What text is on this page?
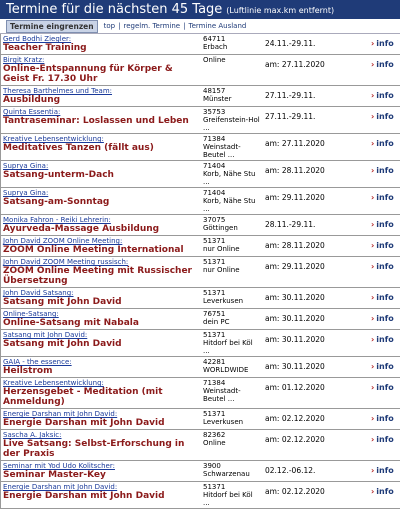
Termine für die nächsten 45 Tage (Luftlinie max.km entfernt)
Termine eingrenzen	top | regelm. Termine | Termine Ausland
Gerd Bodhi Ziegler:
Teacher Training	64711
Erbach	24.11.-29.11.	› info

Birgit Kratz:
Online-Entspannung für Körper & Geist Fr. 17.30 Uhr	Online	am: 27.11.2020	› info

Theresa Barthelmes und Team:
Ausbildung	48157
Münster	27.11.-29.11.	› info

Quinta Essentia:
Tantraseminar: Loslassen und Leben	35753
Greifenstein-Hol ...	27.11.-29.11.	› info

Kreative Lebensentwicklung:
Meditatives Tanzen (fällt aus)	71384
Weinstadt-Beutel ...	am: 27.11.2020	› info

Suprya Gina:
Satsang-unterm-Dach	71404
Korb, Nähe Stu ...	am: 28.11.2020	› info

Suprya Gina:
Satsang-am-Sonntag	71404
Korb, Nähe Stu ...	am: 29.11.2020	› info

Monika Fahron - Reiki Lehrerin:
Ayurveda-Massage Ausbildung	37075
Göttingen	28.11.-29.11.	› info

John David ZOOM Online Meeting:
ZOOM Online Meeting International	51371
nur Online	am: 28.11.2020	› info

John David ZOOM Meeting russisch:
ZOOM Online Meeting mit Russischer Übersetzung	51371
nur Online	am: 29.11.2020	› info

John David Satsang:
Satsang mit John David	51371
Leverkusen	am: 30.11.2020	› info

Online-Satsang:
Online-Satsang mit Nabala	76751
dein PC	am: 30.11.2020	› info

Satsang mit John David:
Satsang mit John David	51371
Hitdorf bei Köl ...	am: 30.11.2020	› info

GAIA - the essence:
Heilstrom	42281
WORLDWIDE	am: 30.11.2020	› info

Kreative Lebensentwicklung:
Herzensgebet - Meditation (mit Anmeldung)	71384
Weinstadt-Beutel ...	am: 01.12.2020	› info

Energie Darshan mit John David:
Energie Darshan mit John David	51371
Leverkusen	am: 02.12.2020	› info

Sascha A. Jaksic:
Live Satsang: Selbst-Erforschung in der Praxis	82362
Online	am: 02.12.2020	› info

Seminar mit Yod Udo Kolitscher:
Seminar Master-Key	3900
Schwarzenau	02.12.-06.12.	› info

Energie Darshan mit John David:
Energie Darshan mit John David	51371
Hitdorf bei Köl ...	am: 02.12.2020	› info
